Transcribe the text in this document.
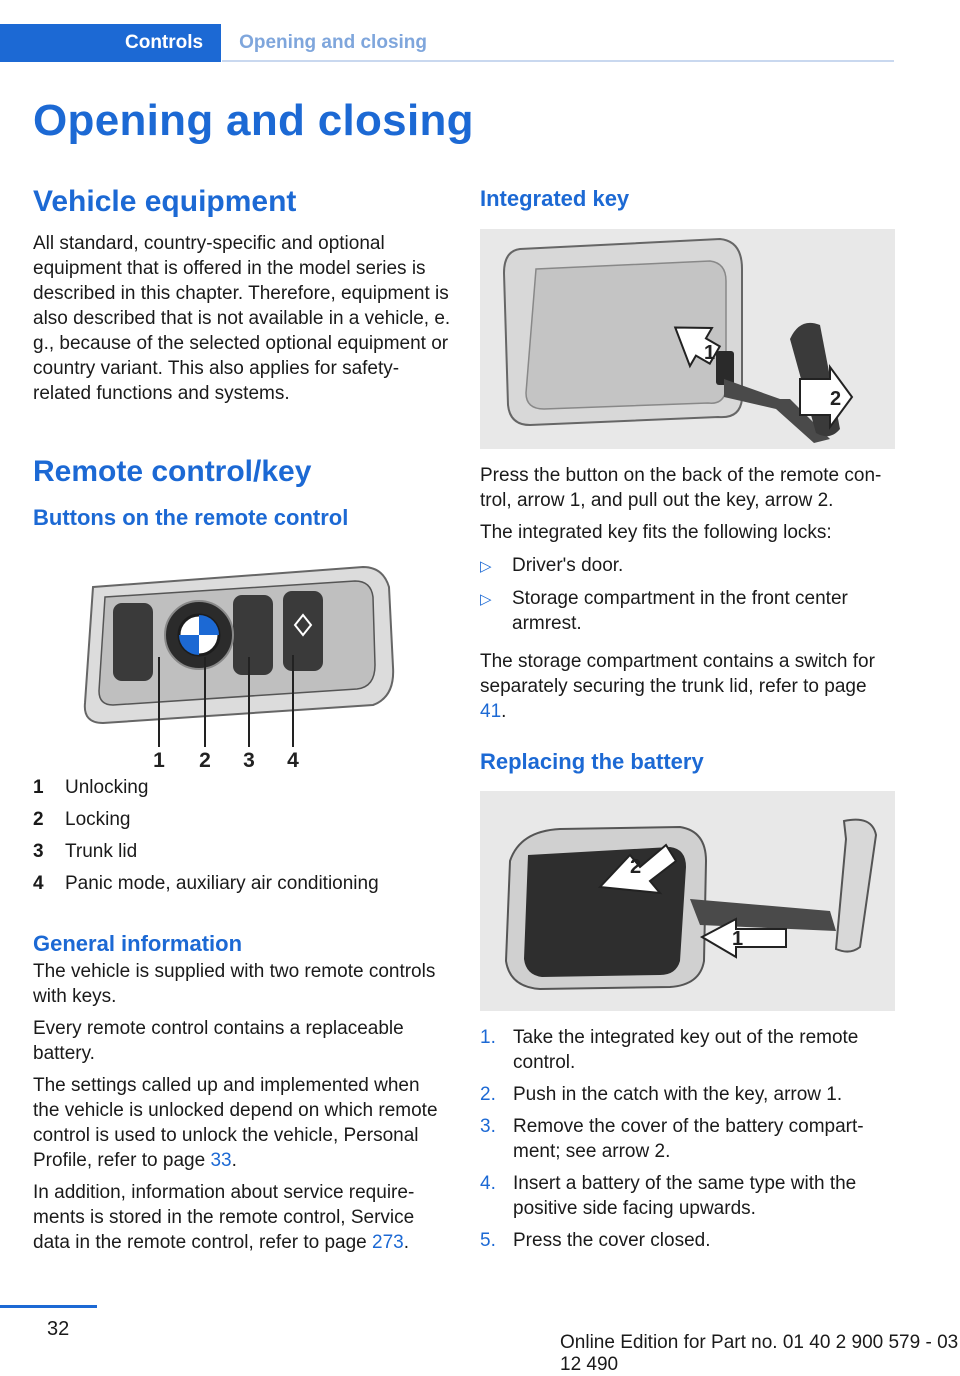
Controls	Opening and closing
Opening and closing
Vehicle equipment

All standard, country-specific and optional equipment that is offered in the model series is described in this chapter. Therefore, equipment is also described that is not available in a vehicle, e. g., because of the selected optional equipment or country variant. This also applies for safety-related functions and systems.

Remote control/key
Buttons on the remote control
1 2 3 4
1	Unlocking
2	Locking
3	Trunk lid
4	Panic mode, auxiliary air conditioning
General information

The vehicle is supplied with two remote controls with keys.

Every remote control contains a replaceable battery.

The settings called up and implemented when the vehicle is unlocked depend on which remote control is used to unlock the vehicle, Personal Profile, refer to page 33.

In addition, information about service requirements is stored in the remote control, Service data in the remote control, refer to page 273.

Integrated key
1
2

Press the button on the back of the remote control, arrow 1, and pull out the key, arrow 2.

The integrated key fits the following locks:

▷	Driver's door.
▷	Storage compartment in the front center armrest.

The storage compartment contains a switch for separately securing the trunk lid, refer to page 41.

Replacing the battery
2
1
1. Take the integrated key out of the remote control.
2. Push in the catch with the key, arrow 1.
3. Remove the cover of the battery compartment; see arrow 2.
4. Insert a battery of the same type with the positive side facing upwards.
5. Press the cover closed.
32
Online Edition for Part no. 01 40 2 900 579 - 03 12 490
